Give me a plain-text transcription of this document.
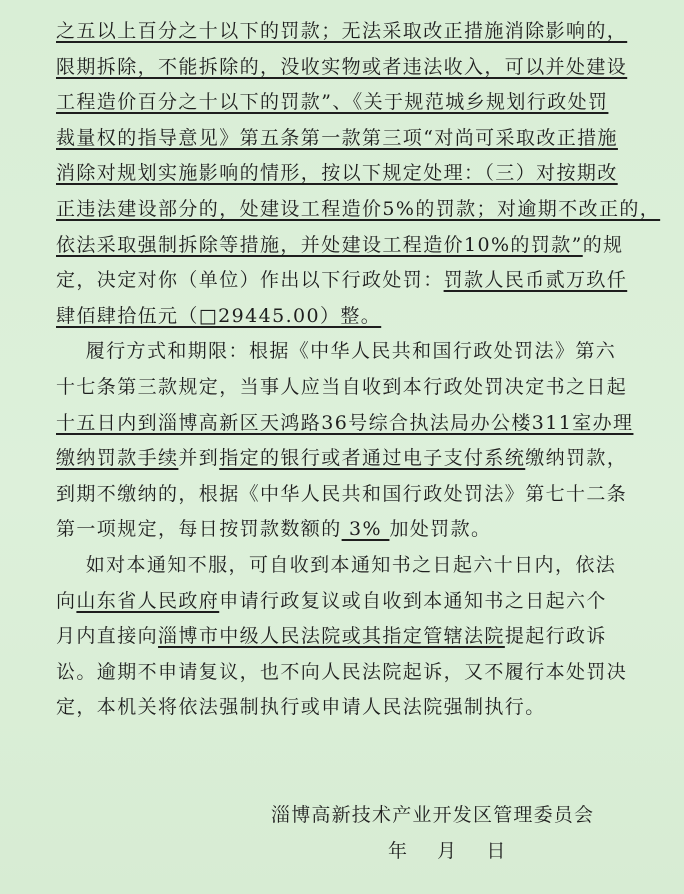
之五以上百分之十以下的罚款；无法采取改正措施消除影响的，
限期拆除，不能拆除的，没收实物或者违法收入，可以并处建设
工程造价百分之十以下的罚款”、《关于规范城乡规划行政处罚
裁量权的指导意见》第五条第一款第三项“对尚可采取改正措施
消除对规划实施影响的情形，按以下规定处理：（三）对按期改
正违法建设部分的，处建设工程造价5%的罚款；对逾期不改正的，
依法采取强制拆除等措施，并处建设工程造价10%的罚款”的规
定，决定对你（单位）作出以下行政处罚：罚款人民币贰万玖仟
肆佰肆拾伍元（□29445.00）整。
履行方式和期限：根据《中华人民共和国行政处罚法》第六
十七条第三款规定，当事人应当自收到本行政处罚决定书之日起
十五日内到淄博高新区天鸿路36号综合执法局办公楼311室办理
缴纳罚款手续并到指定的银行或者通过电子支付系统缴纳罚款，
到期不缴纳的，根据《中华人民共和国行政处罚法》第七十二条
第一项规定，每日按罚款数额的 3% 加处罚款。
如对本通知不服，可自收到本通知书之日起六十日内，依法
向山东省人民政府申请行政复议或自收到本通知书之日起六个
月内直接向淄博市中级人民法院或其指定管辖法院提起行政诉
讼。逾期不申请复议，也不向人民法院起诉，又不履行本处罚决
定，本机关将依法强制执行或申请人民法院强制执行。
淄博高新技术产业开发区管理委员会
年    月    日
